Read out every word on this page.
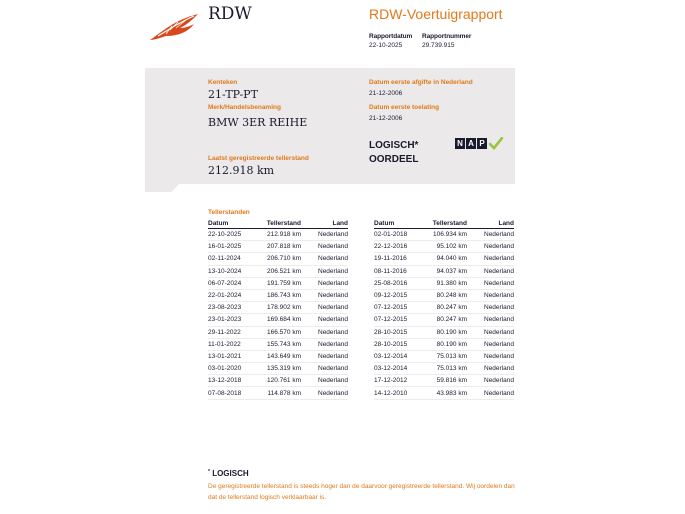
RDW	RDW-Voertuigrapport
Rapportdatum
22-10-2025
Rapportnummer
29.739.915
Kenteken
21-TP-PT
Merk/Handelsbenaming
BMW 3ER REIHE
Laatst geregistreerde tellerstand
212.918 km
Datum eerste afgifte in Nederland
21-12-2006
Datum eerste toelating
21-12-2006
LOGISCH*
OORDEEL
N A P
Tellerstanden
Datum	Tellerstand	Land
22-10-2025	212.918 km	Nederland
16-01-2025	207.818 km	Nederland
02-11-2024	206.710 km	Nederland
13-10-2024	206.521 km	Nederland
06-07-2024	191.759 km	Nederland
22-01-2024	186.743 km	Nederland
23-08-2023	178.902 km	Nederland
23-01-2023	169.684 km	Nederland
29-11-2022	166.570 km	Nederland
11-01-2022	155.743 km	Nederland
13-01-2021	143.649 km	Nederland
03-01-2020	135.319 km	Nederland
13-12-2018	120.761 km	Nederland
07-08-2018	114.878 km	Nederland
Datum	Tellerstand	Land
02-01-2018	106.934 km	Nederland
22-12-2016	95.102 km	Nederland
19-11-2016	94.040 km	Nederland
08-11-2016	94.037 km	Nederland
25-08-2016	91.380 km	Nederland
09-12-2015	80.248 km	Nederland
07-12-2015	80.247 km	Nederland
07-12-2015	80.247 km	Nederland
28-10-2015	80.190 km	Nederland
28-10-2015	80.190 km	Nederland
03-12-2014	75.013 km	Nederland
03-12-2014	75.013 km	Nederland
17-12-2012	59.816 km	Nederland
14-12-2010	43.983 km	Nederland
* LOGISCH
De geregistreerde tellerstand is steeds hoger dan de daarvoor geregistreerde tellerstand. Wij oordelen dan dat de tellerstand logisch verklaarbaar is.
